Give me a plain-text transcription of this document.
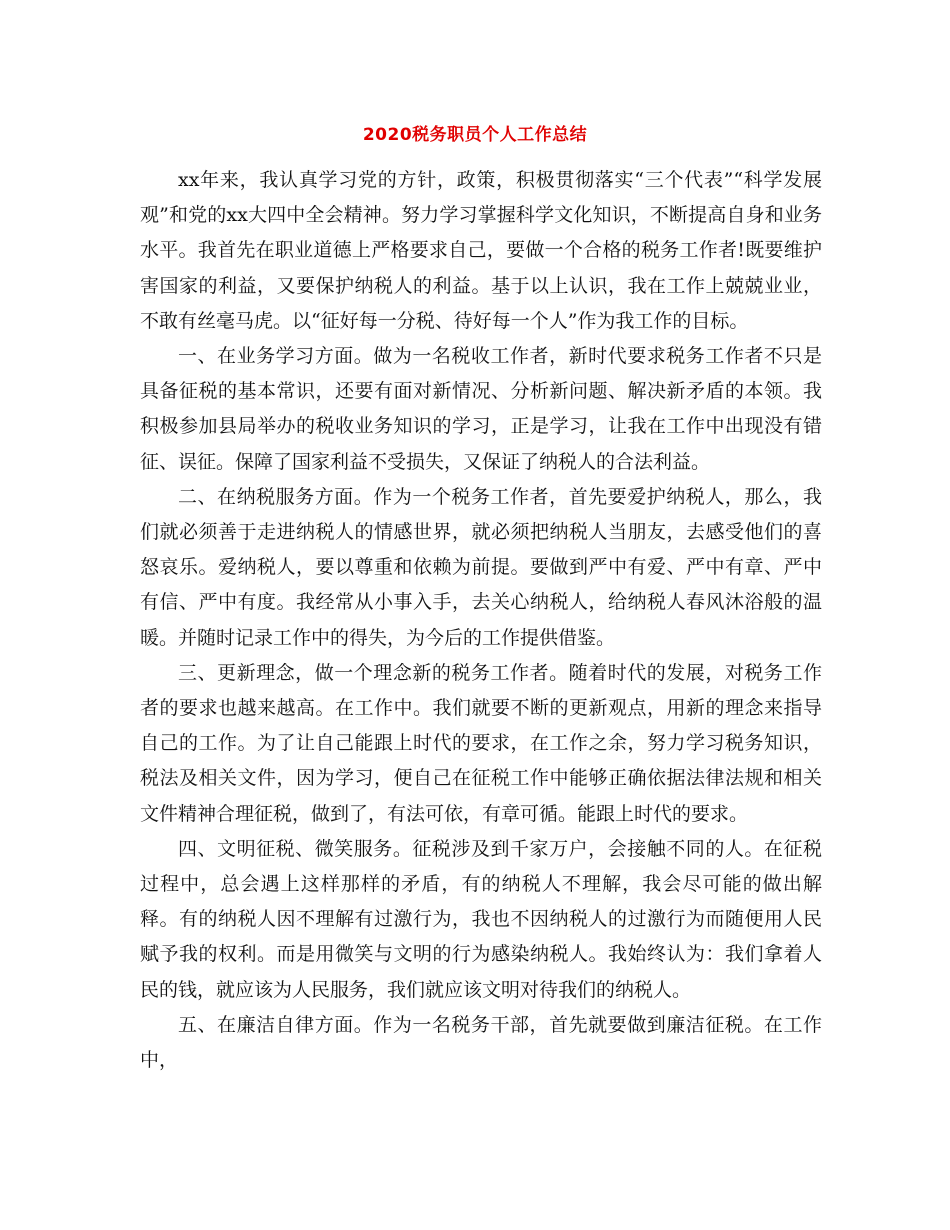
2020税务职员个人工作总结

xx年来，我认真学习党的方针，政策，积极贯彻落实“三个代表”“科学发展观”和党的xx大四中全会精神。努力学习掌握科学文化知识，不断提高自身和业务水平。我首先在职业道德上严格要求自己，要做一个合格的税务工作者!既要维护害国家的利益，又要保护纳税人的利益。基于以上认识，我在工作上兢兢业业，不敢有丝毫马虎。以“征好每一分税、待好每一个人”作为我工作的目标。

一、在业务学习方面。做为一名税收工作者，新时代要求税务工作者不只是具备征税的基本常识，还要有面对新情况、分析新问题、解决新矛盾的本领。我积极参加县局举办的税收业务知识的学习，正是学习，让我在工作中出现没有错征、误征。保障了国家利益不受损失，又保证了纳税人的合法利益。

二、在纳税服务方面。作为一个税务工作者，首先要爱护纳税人，那么，我们就必须善于走进纳税人的情感世界，就必须把纳税人当朋友，去感受他们的喜怒哀乐。爱纳税人，要以尊重和依赖为前提。要做到严中有爱、严中有章、严中有信、严中有度。我经常从小事入手，去关心纳税人，给纳税人春风沐浴般的温暖。并随时记录工作中的得失，为今后的工作提供借鉴。

三、更新理念，做一个理念新的税务工作者。随着时代的发展，对税务工作者的要求也越来越高。在工作中。我们就要不断的更新观点，用新的理念来指导自己的工作。为了让自己能跟上时代的要求，在工作之余，努力学习税务知识，税法及相关文件，因为学习，便自己在征税工作中能够正确依据法律法规和相关文件精神合理征税，做到了，有法可依，有章可循。能跟上时代的要求。

四、文明征税、微笑服务。征税涉及到千家万户，会接触不同的人。在征税过程中，总会遇上这样那样的矛盾，有的纳税人不理解，我会尽可能的做出解释。有的纳税人因不理解有过激行为，我也不因纳税人的过激行为而随便用人民赋予我的权利。而是用微笑与文明的行为感染纳税人。我始终认为：我们拿着人民的钱，就应该为人民服务，我们就应该文明对待我们的纳税人。

五、在廉洁自律方面。作为一名税务干部，首先就要做到廉洁征税。在工作中，
